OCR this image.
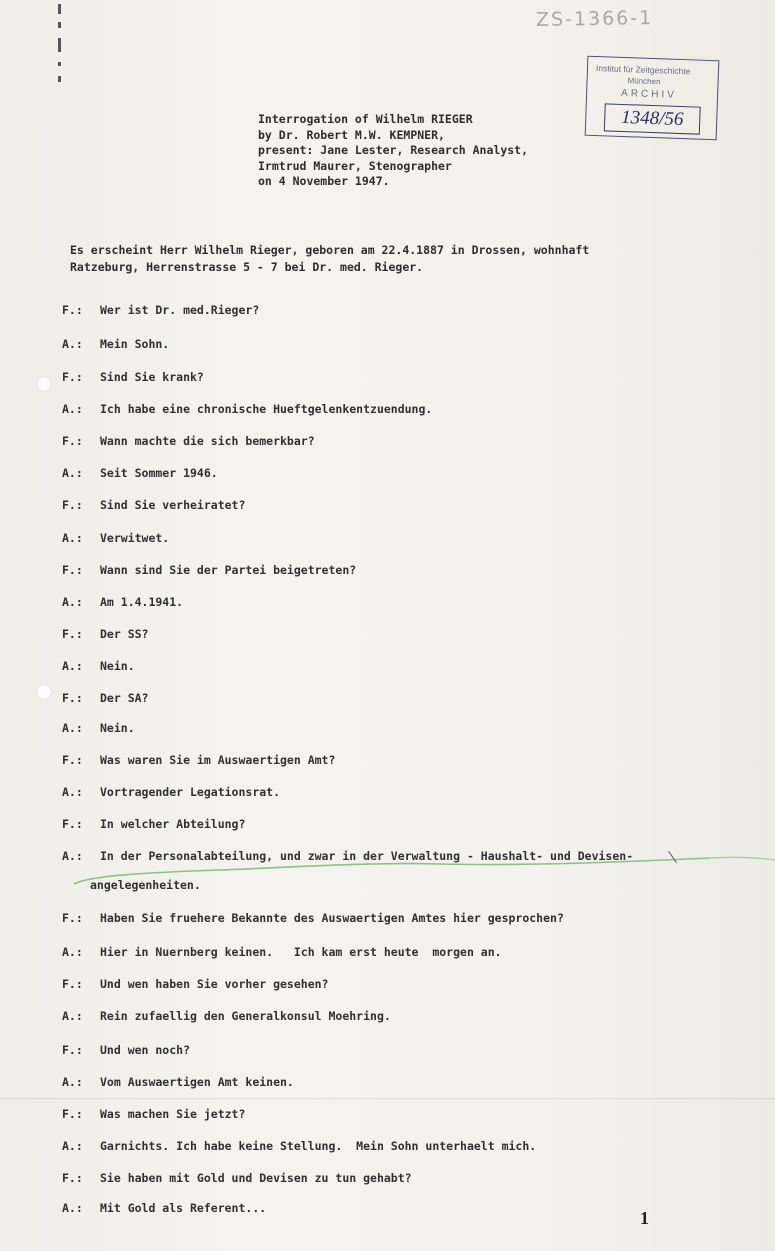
ZS-1366-1
Institut für Zeitgeschichte
München
ARCHIV
1348/56
Interrogation of Wilhelm RIEGER
by Dr. Robert M.W. KEMPNER,
present: Jane Lester, Research Analyst,
Irmtrud Maurer, Stenographer
on 4 November 1947.
Es erscheint Herr Wilhelm Rieger, geboren am 22.4.1887 in Drossen, wohnhaft
Ratzeburg, Herrenstrasse 5 - 7 bei Dr. med. Rieger.
F.: Wer ist Dr. med.Rieger?
A.: Mein Sohn.
F.: Sind Sie krank?
A.: Ich habe eine chronische Hueftgelenkentzuendung.
F.: Wann machte die sich bemerkbar?
A.: Seit Sommer 1946.
F.: Sind Sie verheiratet?
A.: Verwitwet.
F.: Wann sind Sie der Partei beigetreten?
A.: Am 1.4.1941.
F.: Der SS?
A.: Nein.
F.: Der SA?
A.: Nein.
F.: Was waren Sie im Auswaertigen Amt?
A.: Vortragender Legationsrat.
F.: In welcher Abteilung?
A.: In der Personalabteilung, und zwar in der Verwaltung - Haushalt- und Devisen-
F.: Haben Sie fruehere Bekannte des Auswaertigen Amtes hier gesprochen?
A.: Hier in Nuernberg keinen.   Ich kam erst heute  morgen an.
F.: Und wen haben Sie vorher gesehen?
A.: Rein zufaellig den Generalkonsul Moehring.
F.: Und wen noch?
A.: Vom Auswaertigen Amt keinen.
F.: Was machen Sie jetzt?
A.: Garnichts. Ich habe keine Stellung.  Mein Sohn unterhaelt mich.
F.: Sie haben mit Gold und Devisen zu tun gehabt?
A.: Mit Gold als Referent...
angelegenheiten.
1
